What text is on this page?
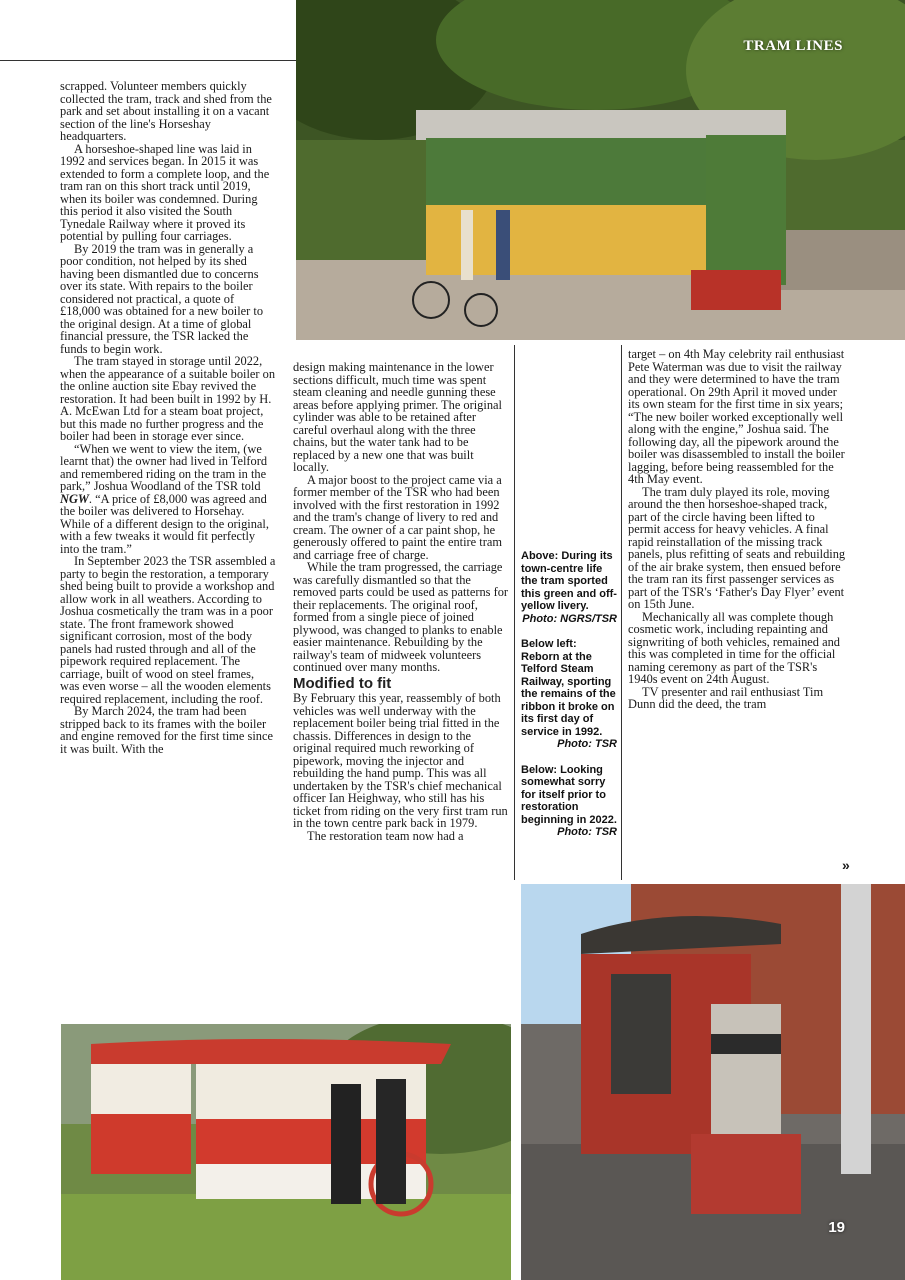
TRAM LINES

scrapped. Volunteer members quickly collected the tram, track and shed from the park and set about installing it on a vacant section of the line's Horseshay headquarters.

A horseshoe-shaped line was laid in 1992 and services began. In 2015 it was extended to form a complete loop, and the tram ran on this short track until 2019, when its boiler was condemned. During this period it also visited the South Tynedale Railway where it proved its potential by pulling four carriages.

By 2019 the tram was in generally a poor condition, not helped by its shed having been dismantled due to concerns over its state. With repairs to the boiler considered not practical, a quote of £18,000 was obtained for a new boiler to the original design. At a time of global financial pressure, the TSR lacked the funds to begin work.

The tram stayed in storage until 2022, when the appearance of a suitable boiler on the online auction site Ebay revived the restoration. It had been built in 1992 by H. A. McEwan Ltd for a steam boat project, but this made no further progress and the boiler had been in storage ever since.

“When we went to view the item, (we learnt that) the owner had lived in Telford and remembered riding on the tram in the park,” Joshua Woodland of the TSR told NGW. “A price of £8,000 was agreed and the boiler was delivered to Horsehay. While of a different design to the original, with a few tweaks it would fit perfectly into the tram.”

In September 2023 the TSR assembled a party to begin the restoration, a temporary shed being built to provide a workshop and allow work in all weathers. According to Joshua cosmetically the tram was in a poor state. The front framework showed significant corrosion, most of the body panels had rusted through and all of the pipework required replacement. The carriage, built of wood on steel frames, was even worse – all the wooden elements required replacement, including the roof.

By March 2024, the tram had been stripped back to its frames with the boiler and engine removed for the first time since it was built. With the

design making maintenance in the lower sections difficult, much time was spent steam cleaning and needle gunning these areas before applying primer. The original cylinder was able to be retained after careful overhaul along with the three chains, but the water tank had to be replaced by a new one that was built locally.

A major boost to the project came via a former member of the TSR who had been involved with the first restoration in 1992 and the tram's change of livery to red and cream. The owner of a car paint shop, he generously offered to paint the entire tram and carriage free of charge.

While the tram progressed, the carriage was carefully dismantled so that the removed parts could be used as patterns for their replacements. The original roof, formed from a single piece of joined plywood, was changed to planks to enable easier maintenance. Rebuilding by the railway's team of midweek volunteers continued over many months.

Modified to fit

By February this year, reassembly of both vehicles was well underway with the replacement boiler being trial fitted in the chassis. Differences in design to the original required much reworking of pipework, moving the injector and rebuilding the hand pump. This was all undertaken by the TSR's chief mechanical officer Ian Heighway, who still has his ticket from riding on the very first tram run in the town centre park back in 1979.

The restoration team now had a

Above: During its town-centre life the tram sported this green and off-yellow livery.
Photo: NGRS/TSR

Below left: Reborn at the Telford Steam Railway, sporting the remains of the ribbon it broke on its first day of service in 1992.
Photo: TSR

Below: Looking somewhat sorry for itself prior to restoration beginning in 2022.
Photo: TSR

target – on 4th May celebrity rail enthusiast Pete Waterman was due to visit the railway and they were determined to have the tram operational. On 29th April it moved under its own steam for the first time in six years; “The new boiler worked exceptionally well along with the engine,” Joshua said. The following day, all the pipework around the boiler was disassembled to install the boiler lagging, before being reassembled for the 4th May event.

The tram duly played its role, moving around the then horseshoe-shaped track, part of the circle having been lifted to permit access for heavy vehicles. A final rapid reinstallation of the missing track panels, plus refitting of seats and rebuilding of the air brake system, then ensued before the tram ran its first passenger services as part of the TSR's ‘Father's Day Flyer’ event on 15th June.

Mechanically all was complete though cosmetic work, including repainting and signwriting of both vehicles, remained and this was completed in time for the official naming ceremony as part of the TSR's 1940s event on 24th August.

TV presenter and rail enthusiast Tim Dunn did the deed, the tram

»
19
